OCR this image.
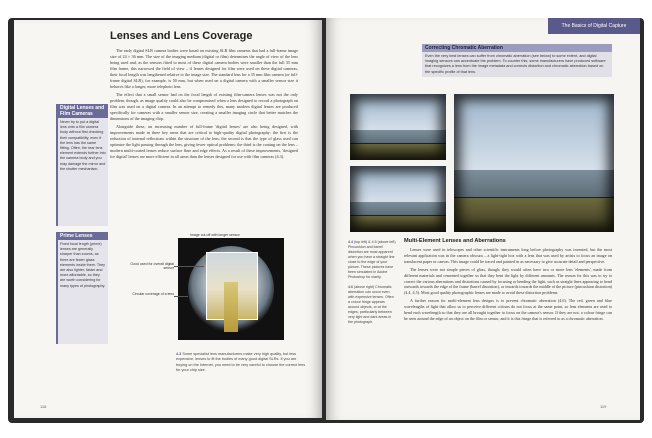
Lenses and Lens Coverage

The early digital SLR camera bodies were based on existing SLR film cameras that had a full-frame image size of 24 × 36 mm. The size of the imaging medium (digital or film) determines the angle of view of the lens being used and, as the sensors fitted to most of these digital camera bodies were smaller than the full 35 mm film frame, this narrowed the field of view – if lenses designed for film were used on these digital cameras, their focal length was lengthened relative to the image size. The standard lens for a 35 mm film camera (or full-frame digital SLR), for example, is 50 mm, but when used on a digital camera with a smaller sensor size it behaves like a longer, more telephoto lens.

The effect that a small sensor had on the focal length of existing film-camera lenses was not the only problem, though, as image quality could also be compromised when a lens designed to record a photograph on film was used on a digital camera. In an attempt to remedy this, many modern digital lenses are produced specifically for cameras with a smaller sensor size, creating a smaller imaging circle that better matches the dimensions of the imaging chip.

Alongside these, an increasing number of full-frame 'digital lenses' are also being designed, with improvements made in three key areas that are critical to high-quality digital photography: the first is the reduction of internal reflections within the structure of the lens; the second is that the type of glass used can optimize the light passing through the lens, giving fewer optical problems; the third is the coating on the lens – modern multi-coated lenses reduce surface flare and edge effects. As a result of these improvements, 'designed for digital' lenses are more efficient in all areas than the lenses designed for use with film cameras (4.3).

Digital Lenses and Film Cameras
Never try to put a digital lens onto a film camera body without first checking their compatibility, even if the lens has the same fitting. Often, the rear lens element extends further into the camera body and you may damage the mirror and the shutter mechanism.
Prime Lenses
Fixed focal length (prime) lenses are generally sharper than zooms, as there are fewer glass elements inside them. They are also lighter, faster and more affordable, so they are worth considering for many types of photography.
Image cut-off with longer sensor
Good used for overall digital sensor
Circular coverage of a lens
4.3 Some specialist lens manufacturers make very high quality, but less expensive, lenses to fit the bodies of many good digital SLRs. If you are buying on the Internet, you need to be very careful to choose the correct lens for your chip size.
118
The Basics of Digital Capture
Correcting Chromatic Aberration
Even the very best lenses can suffer from chromatic aberration (see below) to some extent, and digital imaging sensors can accentuate the problem. To counter this, some manufacturers have produced software that recognizes a lens from the image metadata and corrects distortion and chromatic aberration based on the specific profile of that lens.

4.4 (top left) & 4.5 (above left) Pincushion and barrel distortion are most apparent when you have a straight line close to the edge of your picture. These pictures have been simulated in Adobe Photoshop for clarity.

4.6 (above right) Chromatic aberration can occur even with expensive lenses. Often a colour fringe appears around objects, or at the edges, particularly between very light and dark areas in the photograph.

Multi-Element Lenses and Aberrations

Lenses were used in telescopes and other scientific instruments long before photography was invented, but the most relevant application was in the camera obscura – a light-tight box with a lens that was used by artists to focus an image on translucent paper or canvas. This image could be traced and painted in as necessary to give accurate detail and perspective.

The lenses were not simple pieces of glass, though; they would often have two or more lens 'elements', made from different materials and cemented together so that they bent the light by different amounts. The reason for this was to try to correct the various aberrations and distortions caused by focusing or bending the light, such as straight lines appearing to bend outwards towards the edge of the frame (barrel distortion), or inwards towards the middle of the picture (pincushion distortion) (4.4, 4.5). Most good quality photographic lenses are made to avoid these distortion problems.

A further reason for multi-element lens designs is to prevent chromatic aberration (4.6). The red, green and blue wavelengths of light that allow us to perceive different colours do not focus at the same point, so lens elements are used to bend each wavelength so that they are all brought together to focus on the camera's sensor. If they are not, a colour fringe can be seen around the edge of an object on the film or sensor, and it is this fringe that is referred to as a chromatic aberration.

119
